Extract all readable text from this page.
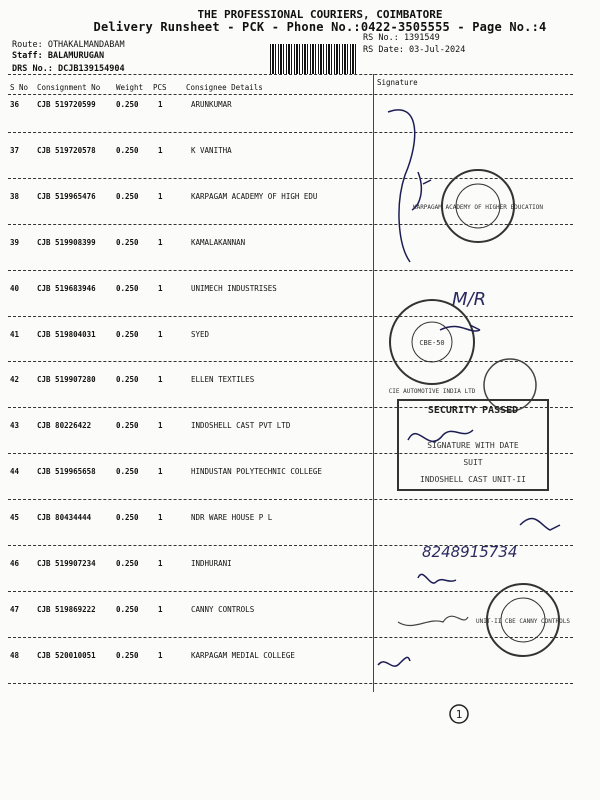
THE PROFESSIONAL COURIERS, COIMBATORE
Delivery Runsheet - PCK - Phone No.:0422-3505555 - Page No.:4
Route: OTHAKALMANDABAM
Staff: BALAMURUGAN
DRS No.: DCJB139154904
RS No.: 1391549
RS Date: 03-Jul-2024
S No Consignment No Weight PCS	Consignee Details
Signature
36 CJB 519720599	0.250	1	ARUNKUMAR
37 CJB 519720578	0.250	1	K VANITHA
38 CJB 519965476	0.250	1	KARPAGAM ACADEMY OF HIGH EDU
39 CJB 519908399	0.250	1	KAMALAKANNAN
40 CJB 519683946	0.250	1	UNIMECH INDUSTRISES
41 CJB 519804031	0.250	1	SYED
42 CJB 519907280	0.250	1	ELLEN TEXTILES
43 CJB 80226422	0.250	1	INDOSHELL CAST PVT LTD
44 CJB 519965658	0.250	1	HINDUSTAN POLYTECHNIC COLLEGE
45 CJB 80434444	0.250	1	NDR WARE HOUSE P L
46 CJB 519907234	0.250	1	INDHURANI
47 CJB 519869222	0.250	1	CANNY CONTROLS
48 CJB 520010051	0.250	1	KARPAGAM MEDIAL COLLEGE
KARPAGAM ACADEMY OF HIGHER EDUCATION
M/R
CBE-50
CIE AUTOMOTIVE INDIA LTD
SECURITY PASSED
SIGNATURE WITH DATE
SUIT
INDOSHELL CAST UNIT-II
8248915734
UNIT-II CBE CANNY CONTROLS
1
